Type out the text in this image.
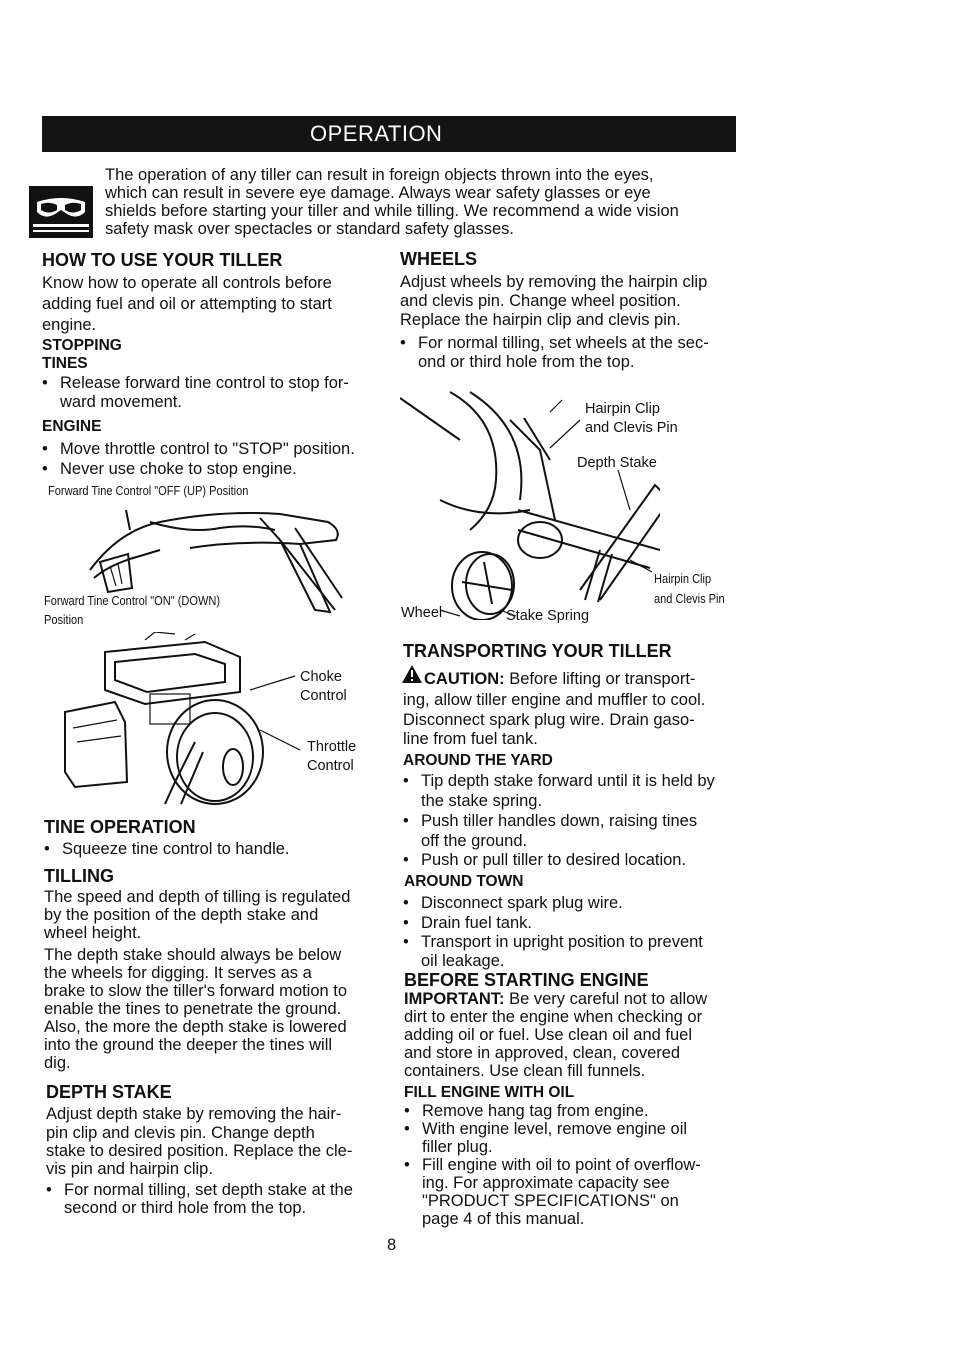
OPERATION
The operation of any tiller can result in foreign objects thrown into the eyes,
which can result in severe eye damage. Always wear safety glasses or eye
shields before starting your tiller and while tilling. We recommend a wide vision
safety mask over spectacles or standard safety glasses.
HOW TO USE YOUR TILLER
Know how to operate all controls before
adding fuel and oil or attempting to start
engine.
STOPPING
TINES
• Release forward tine control to stop for-
ward movement.
ENGINE
• Move throttle control to "STOP" position.
• Never use choke to stop engine.
Forward Tine Control "OFF (UP) Position
Forward Tine Control "ON" (DOWN)
Position
Choke
Control
Throttle
Control
TINE OPERATION
• Squeeze tine control to handle.
TILLING
The speed and depth of tilling is regulated
by the position of the depth stake and
wheel height.
The depth stake should always be below
the wheels for digging. It serves as a
brake to slow the tiller's forward motion to
enable the tines to penetrate the ground.
Also, the more the depth stake is lowered
into the ground the deeper the tines will
dig.
DEPTH STAKE
Adjust depth stake by removing the hair-
pin clip and clevis pin. Change depth
stake to desired position. Replace the cle-
vis pin and hairpin clip.
• For normal tilling, set depth stake at the
second or third hole from the top.
WHEELS
Adjust wheels by removing the hairpin clip
and clevis pin. Change wheel position.
Replace the hairpin clip and clevis pin.
• For normal tilling, set wheels at the sec-
ond or third hole from the top.
Hairpin Clip
and Clevis Pin
Depth Stake
Hairpin Clip
and Clevis Pin
Wheel	Stake Spring
TRANSPORTING YOUR TILLER
CAUTION: Before lifting or transport-
ing, allow tiller engine and muffler to cool.
Disconnect spark plug wire. Drain gaso-
line from fuel tank.
AROUND THE YARD
• Tip depth stake forward until it is held by
the stake spring.
• Push tiller handles down, raising tines
off the ground.
• Push or pull tiller to desired location.
AROUND TOWN
• Disconnect spark plug wire.
• Drain fuel tank.
• Transport in upright position to prevent
oil leakage.
BEFORE STARTING ENGINE
IMPORTANT: Be very careful not to allow
dirt to enter the engine when checking or
adding oil or fuel. Use clean oil and fuel
and store in approved, clean, covered
containers. Use clean fill funnels.
FILL ENGINE WITH OIL
• Remove hang tag from engine.
• With engine level, remove engine oil
filler plug.
• Fill engine with oil to point of overflow-
ing. For approximate capacity see
"PRODUCT SPECIFICATIONS" on
page 4 of this manual.
8
